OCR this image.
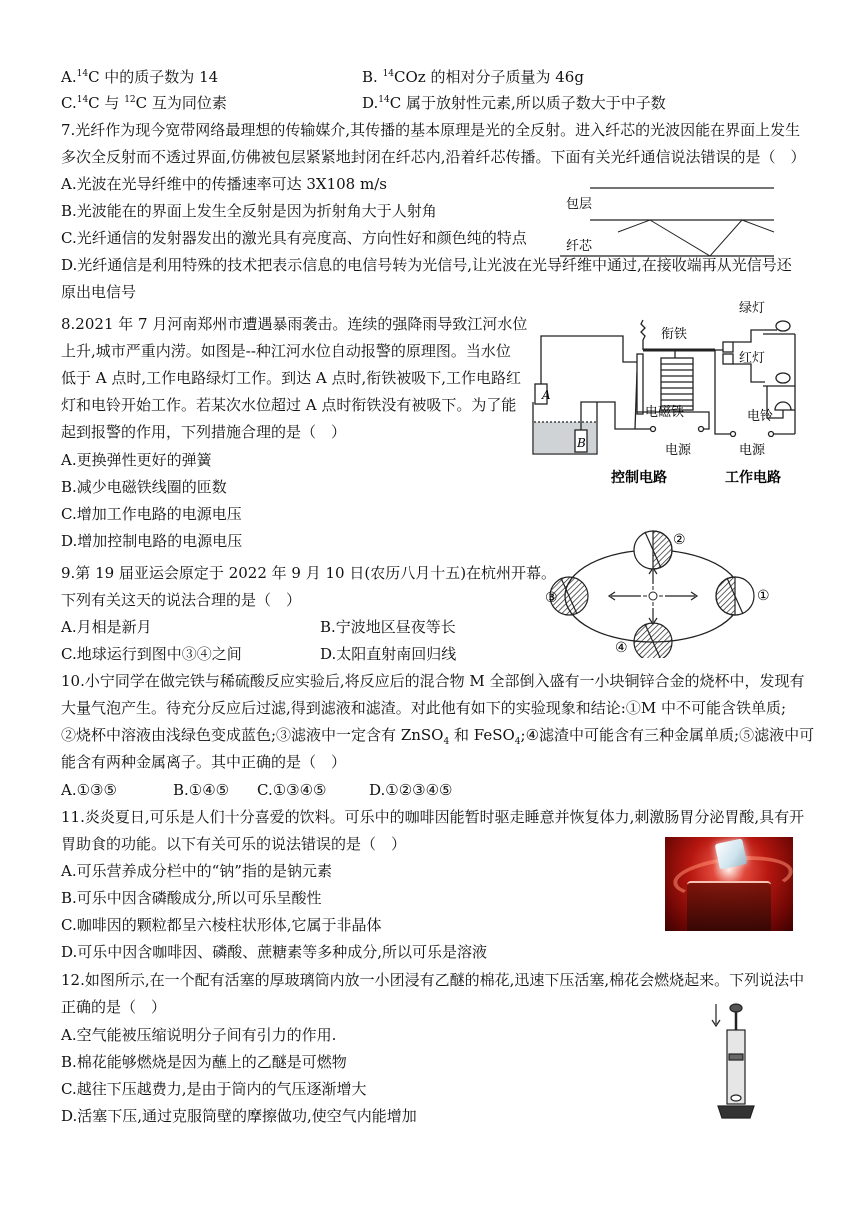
A.$^{14}$C 中的质子数为 14	B. $^{14}$COz 的相对分子质量为 46g
C.$^{14}$C 与 $^{12}$C 互为同位素	D.$^{14}$C 属于放射性元素,所以质子数大于中子数
7.光纤作为现今宽带网络最理想的传输媒介,其传播的基本原理是光的全反射。进入纤芯的光波因能在界面上发生
多次全反射而不透过界面,仿佛被包层紧紧地封闭在纤芯内,沿着纤芯传播。下面有关光纤通信说法错误的是（　）
A.光波在光导纤维中的传播速率可达 3X108 m/s
B.光波能在的界面上发生全反射是因为折射角大于人射角
C.光纤通信的发射器发出的激光具有亮度高、方向性好和颜色纯的特点
D.光纤通信是利用特殊的技术把表示信息的电信号转为光信号,让光波在光导纤维中通过,在接收端再从光信号还
原出电信号
包层
纤芯
8.2021 年 7 月河南郑州市遭遇暴雨袭击。连续的强降雨导致江河水位
上升,城市严重内涝。如图是--种江河水位自动报警的原理图。当水位
低于 A 点时,工作电路绿灯工作。到达 A 点时,衔铁被吸下,工作电路红
灯和电铃开始工作。若某次水位超过 A 点时衔铁没有被吸下。为了能
起到报警的作用，下列措施合理的是（　）
A.更换弹性更好的弹簧
B.减少电磁铁线圈的匝数
C.增加工作电路的电源电压
D.增加控制电路的电源电压
A
B
衔铁
绿灯
红灯
电磁铁	电铃
电源	电源
控制电路	工作电路
9.第 19 届亚运会原定于 2022 年 9 月 10 日(农历八月十五)在杭州开幕。
下列有关这天的说法合理的是（　）
A.月相是新月	B.宁波地区昼夜等长
C.地球运行到图中③④之间	D.太阳直射南回归线
②
①
③
④
10.小宁同学在做完铁与稀硫酸反应实验后,将反应后的混合物 M 全部倒入盛有一小块铜锌合金的烧杯中，发现有
大量气泡产生。待充分反应后过滤,得到滤液和滤渣。对此他有如下的实验现象和结论:①M 中不可能含铁单质;
②烧杯中溶液由浅绿色变成蓝色;③滤液中一定含有 ZnSO$_4$ 和 FeSO$_4$;④滤渣中可能含有三种金属单质;⑤滤液中可
能含有两种金属离子。其中正确的是（　）
A.①③⑤	B.①④⑤ C.①③④⑤	D.①②③④⑤
11.炎炎夏日,可乐是人们十分喜爱的饮料。可乐中的咖啡因能暂时驱走睡意并恢复体力,刺激肠胃分泌胃酸,具有开
胃助食的功能。以下有关可乐的说法错误的是（　）
A.可乐营养成分栏中的“钠”指的是钠元素
B.可乐中因含磷酸成分,所以可乐呈酸性
C.咖啡因的颗粒都呈六棱柱状形体,它属于非晶体
D.可乐中因含咖啡因、磷酸、蔗糖素等多种成分,所以可乐是溶液
12.如图所示,在一个配有活塞的厚玻璃筒内放一小团浸有乙醚的棉花,迅速下压活塞,棉花会燃烧起来。下列说法中
正确的是（　）
A.空气能被压缩说明分子间有引力的作用.
B.棉花能够燃烧是因为蘸上的乙醚是可燃物
C.越往下压越费力,是由于筒内的气压逐渐增大
D.活塞下压,通过克服筒壁的摩擦做功,使空气内能增加
